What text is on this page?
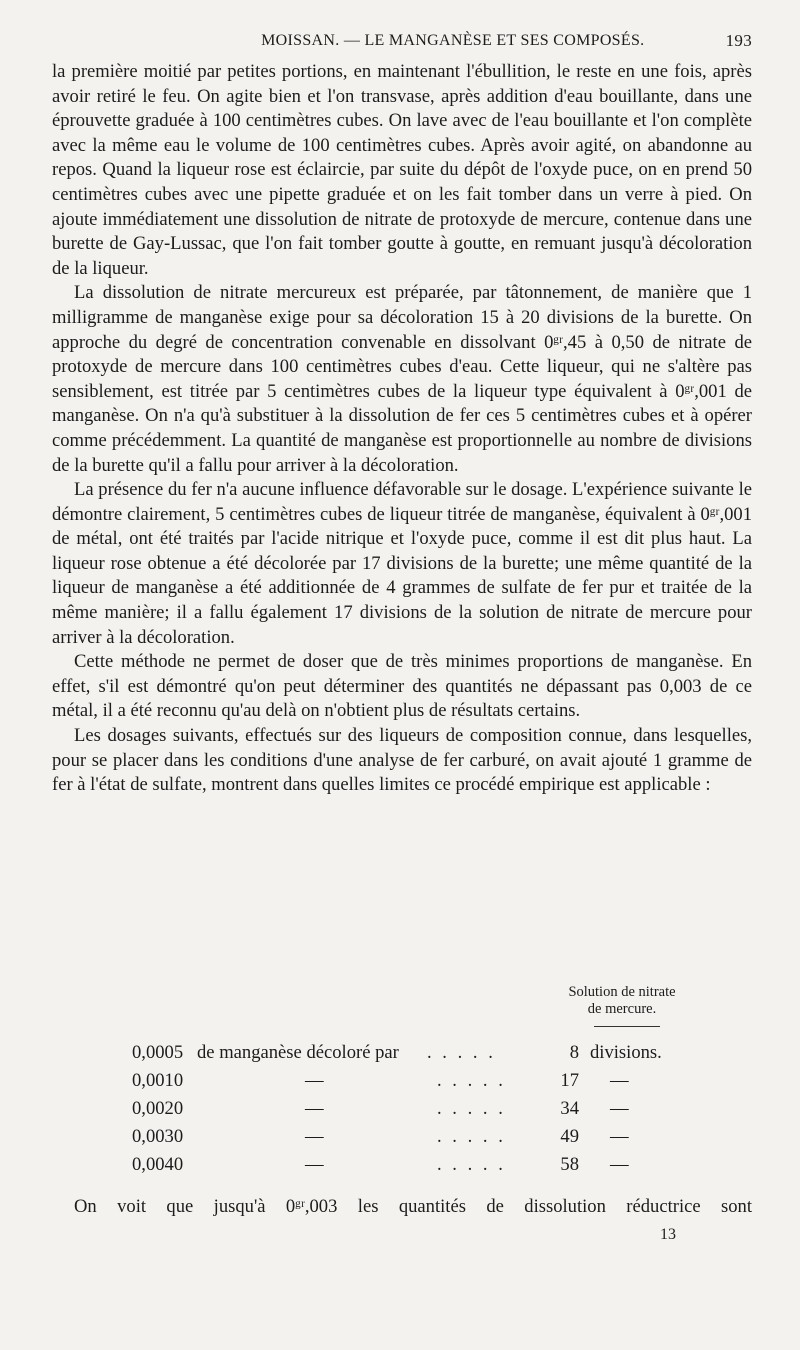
MOISSAN. — LE MANGANÈSE ET SES COMPOSÉS.	193

la première moitié par petites portions, en maintenant l'ébullition, le reste en une fois, après avoir retiré le feu. On agite bien et l'on transvase, après addition d'eau bouillante, dans une éprouvette graduée à 100 centimètres cubes. On lave avec de l'eau bouillante et l'on complète avec la même eau le volume de 100 centimètres cubes. Après avoir agité, on abandonne au repos. Quand la liqueur rose est éclaircie, par suite du dépôt de l'oxyde puce, on en prend 50 centimètres cubes avec une pipette graduée et on les fait tomber dans un verre à pied. On ajoute immédiatement une dissolution de nitrate de protoxyde de mercure, contenue dans une burette de Gay-Lussac, que l'on fait tomber goutte à goutte, en remuant jusqu'à décoloration de la liqueur.

La dissolution de nitrate mercureux est préparée, par tâtonnement, de manière que 1 milligramme de manganèse exige pour sa décoloration 15 à 20 divisions de la burette. On approche du degré de concentration convenable en dissolvant 0ᵍʳ,45 à 0,50 de nitrate de protoxyde de mercure dans 100 centimètres cubes d'eau. Cette liqueur, qui ne s'altère pas sensiblement, est titrée par 5 centimètres cubes de la liqueur type équivalent à 0ᵍʳ,001 de manganèse. On n'a qu'à substituer à la dissolution de fer ces 5 centimètres cubes et à opérer comme précédemment. La quantité de manganèse est proportionnelle au nombre de divisions de la burette qu'il a fallu pour arriver à la décoloration.

La présence du fer n'a aucune influence défavorable sur le dosage. L'expérience suivante le démontre clairement, 5 centimètres cubes de liqueur titrée de manganèse, équivalent à 0ᵍʳ,001 de métal, ont été traités par l'acide nitrique et l'oxyde puce, comme il est dit plus haut. La liqueur rose obtenue a été décolorée par 17 divisions de la burette; une même quantité de la liqueur de manganèse a été additionnée de 4 grammes de sulfate de fer pur et traitée de la même manière; il a fallu également 17 divisions de la solution de nitrate de mercure pour arriver à la décoloration.

Cette méthode ne permet de doser que de très minimes proportions de manganèse. En effet, s'il est démontré qu'on peut déterminer des quantités ne dépassant pas 0,003 de ce métal, il a été reconnu qu'au delà on n'obtient plus de résultats certains.

Les dosages suivants, effectués sur des liqueurs de composition connue, dans lesquelles, pour se placer dans les conditions d'une analyse de fer carburé, on avait ajouté 1 gramme de fer à l'état de sulfate, montrent dans quelles limites ce procédé empirique est applicable :

Solution de nitrate
de mercure.
0,0005 de manganèse décoloré par . . . . .	8 divisions.
0,0010	—	. . . . .	17 —
0,0020	—	. . . . .	34 —
0,0030	—	. . . . .	49 —
0,0040	—	. . . . .	58 —
On voit que jusqu'à 0ᵍʳ,003 les quantités de dissolution réductrice sont
13
